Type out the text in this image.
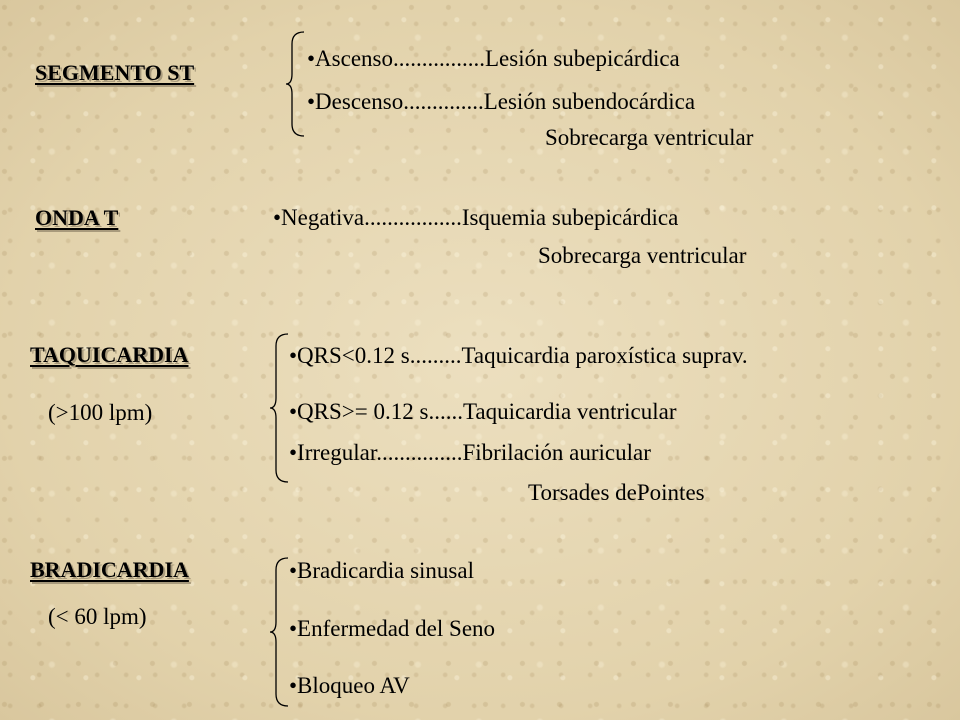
SEGMENTO ST
•Ascenso................Lesión subepicárdica
•Descenso..............Lesión subendocárdica
Sobrecarga ventricular
ONDA T	•Negativa.................Isquemia subepicárdica
Sobrecarga ventricular
TAQUICARDIA
(>100 lpm)
•QRS<0.12 s.........Taquicardia paroxística suprav.
•QRS>= 0.12 s......Taquicardia ventricular
•Irregular...............Fibrilación auricular
Torsades dePointes
BRADICARDIA
(< 60 lpm)
•Bradicardia sinusal
•Enfermedad del Seno
•Bloqueo AV
